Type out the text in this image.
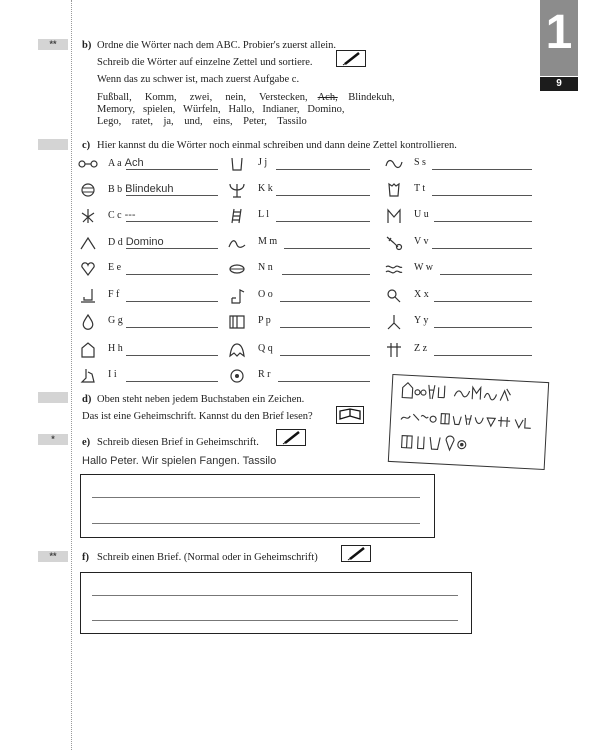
1
9
**
*
**
b) Ordne die Wörter nach dem ABC. Probier's zuerst allein.
Schreib die Wörter auf einzelne Zettel und sortiere.
Wenn das zu schwer ist, mach zuerst Aufgabe c.
Fußball, Komm, zwei, nein, Verstecken, Ach, Blindekuh,
Memory, spielen, Würfeln, Hallo, Indianer, Domino,
Lego, ratet, ja, und, eins, Peter, Tassilo
c) Hier kannst du die Wörter noch einmal schreiben und dann deine Zettel kontrollieren.
A a Ach
B b Blindekuh
C c ---
D d Domino
E e
F f
G g
H h
I i
J j
K k
L l
M m
N n
O o
P p
Q q
R r
S s
T t
U u
V v
W w
X x
Y y
Z z
d) Oben steht neben jedem Buchstaben ein Zeichen.
Das ist eine Geheimschrift. Kannst du den Brief lesen?
e) Schreib diesen Brief in Geheimschrift.
Hallo Peter. Wir spielen Fangen. Tassilo
f) Schreib einen Brief. (Normal oder in Geheimschrift)
